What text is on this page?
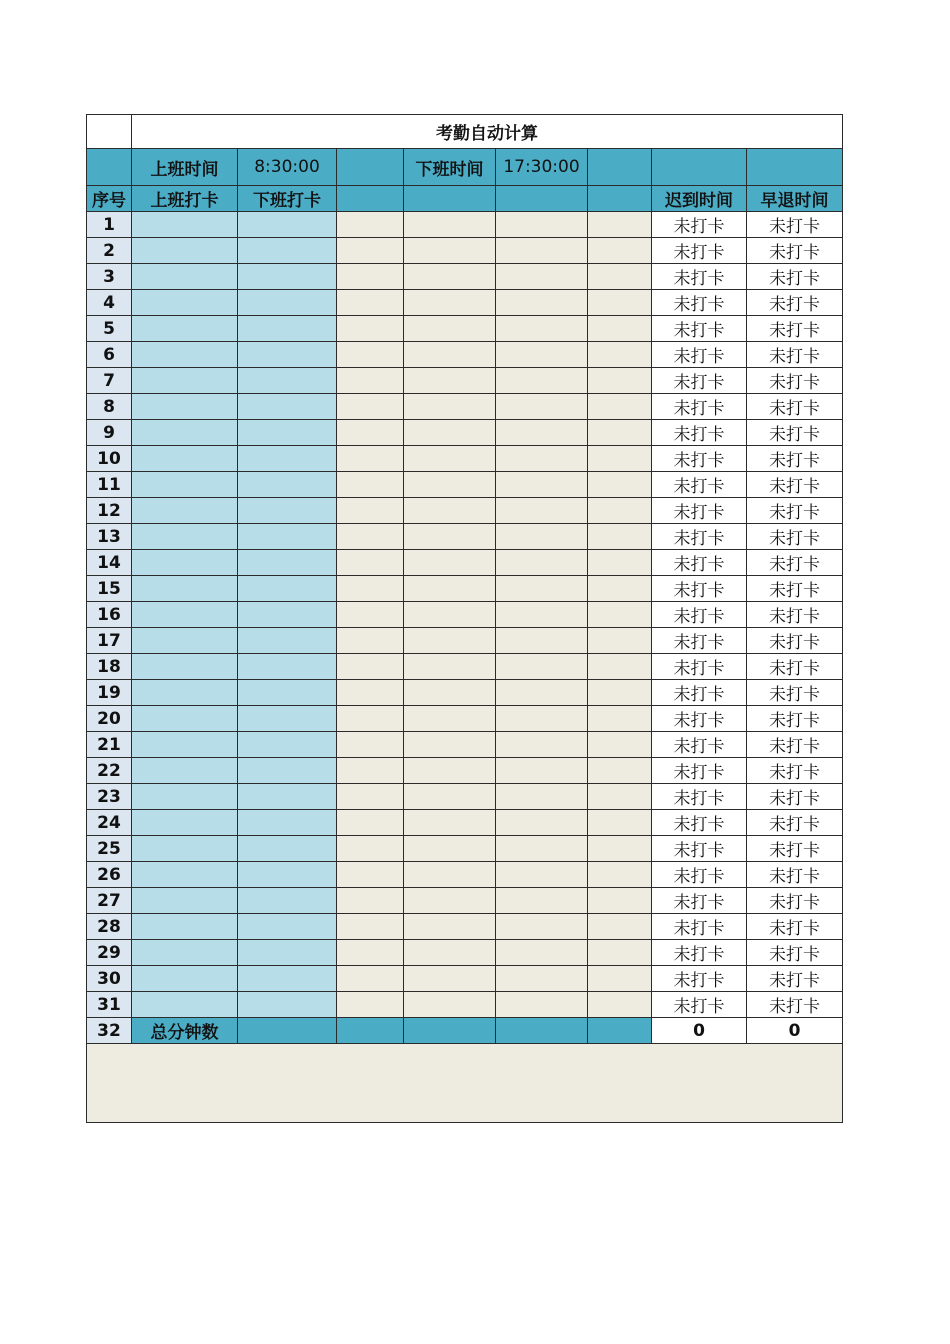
	考勤自动计算							
	上班时间	8:30:00		下班时间	17:30:00			
序号	上班打卡	下班打卡					迟到时间	早退时间
1							未打卡	未打卡
2							未打卡	未打卡
3							未打卡	未打卡
4							未打卡	未打卡
5							未打卡	未打卡
6							未打卡	未打卡
7							未打卡	未打卡
8							未打卡	未打卡
9							未打卡	未打卡
10							未打卡	未打卡
11							未打卡	未打卡
12							未打卡	未打卡
13							未打卡	未打卡
14							未打卡	未打卡
15							未打卡	未打卡
16							未打卡	未打卡
17							未打卡	未打卡
18							未打卡	未打卡
19							未打卡	未打卡
20							未打卡	未打卡
21							未打卡	未打卡
22							未打卡	未打卡
23							未打卡	未打卡
24							未打卡	未打卡
25							未打卡	未打卡
26							未打卡	未打卡
27							未打卡	未打卡
28							未打卡	未打卡
29							未打卡	未打卡
30							未打卡	未打卡
31							未打卡	未打卡
32	总分钟数						0	0
